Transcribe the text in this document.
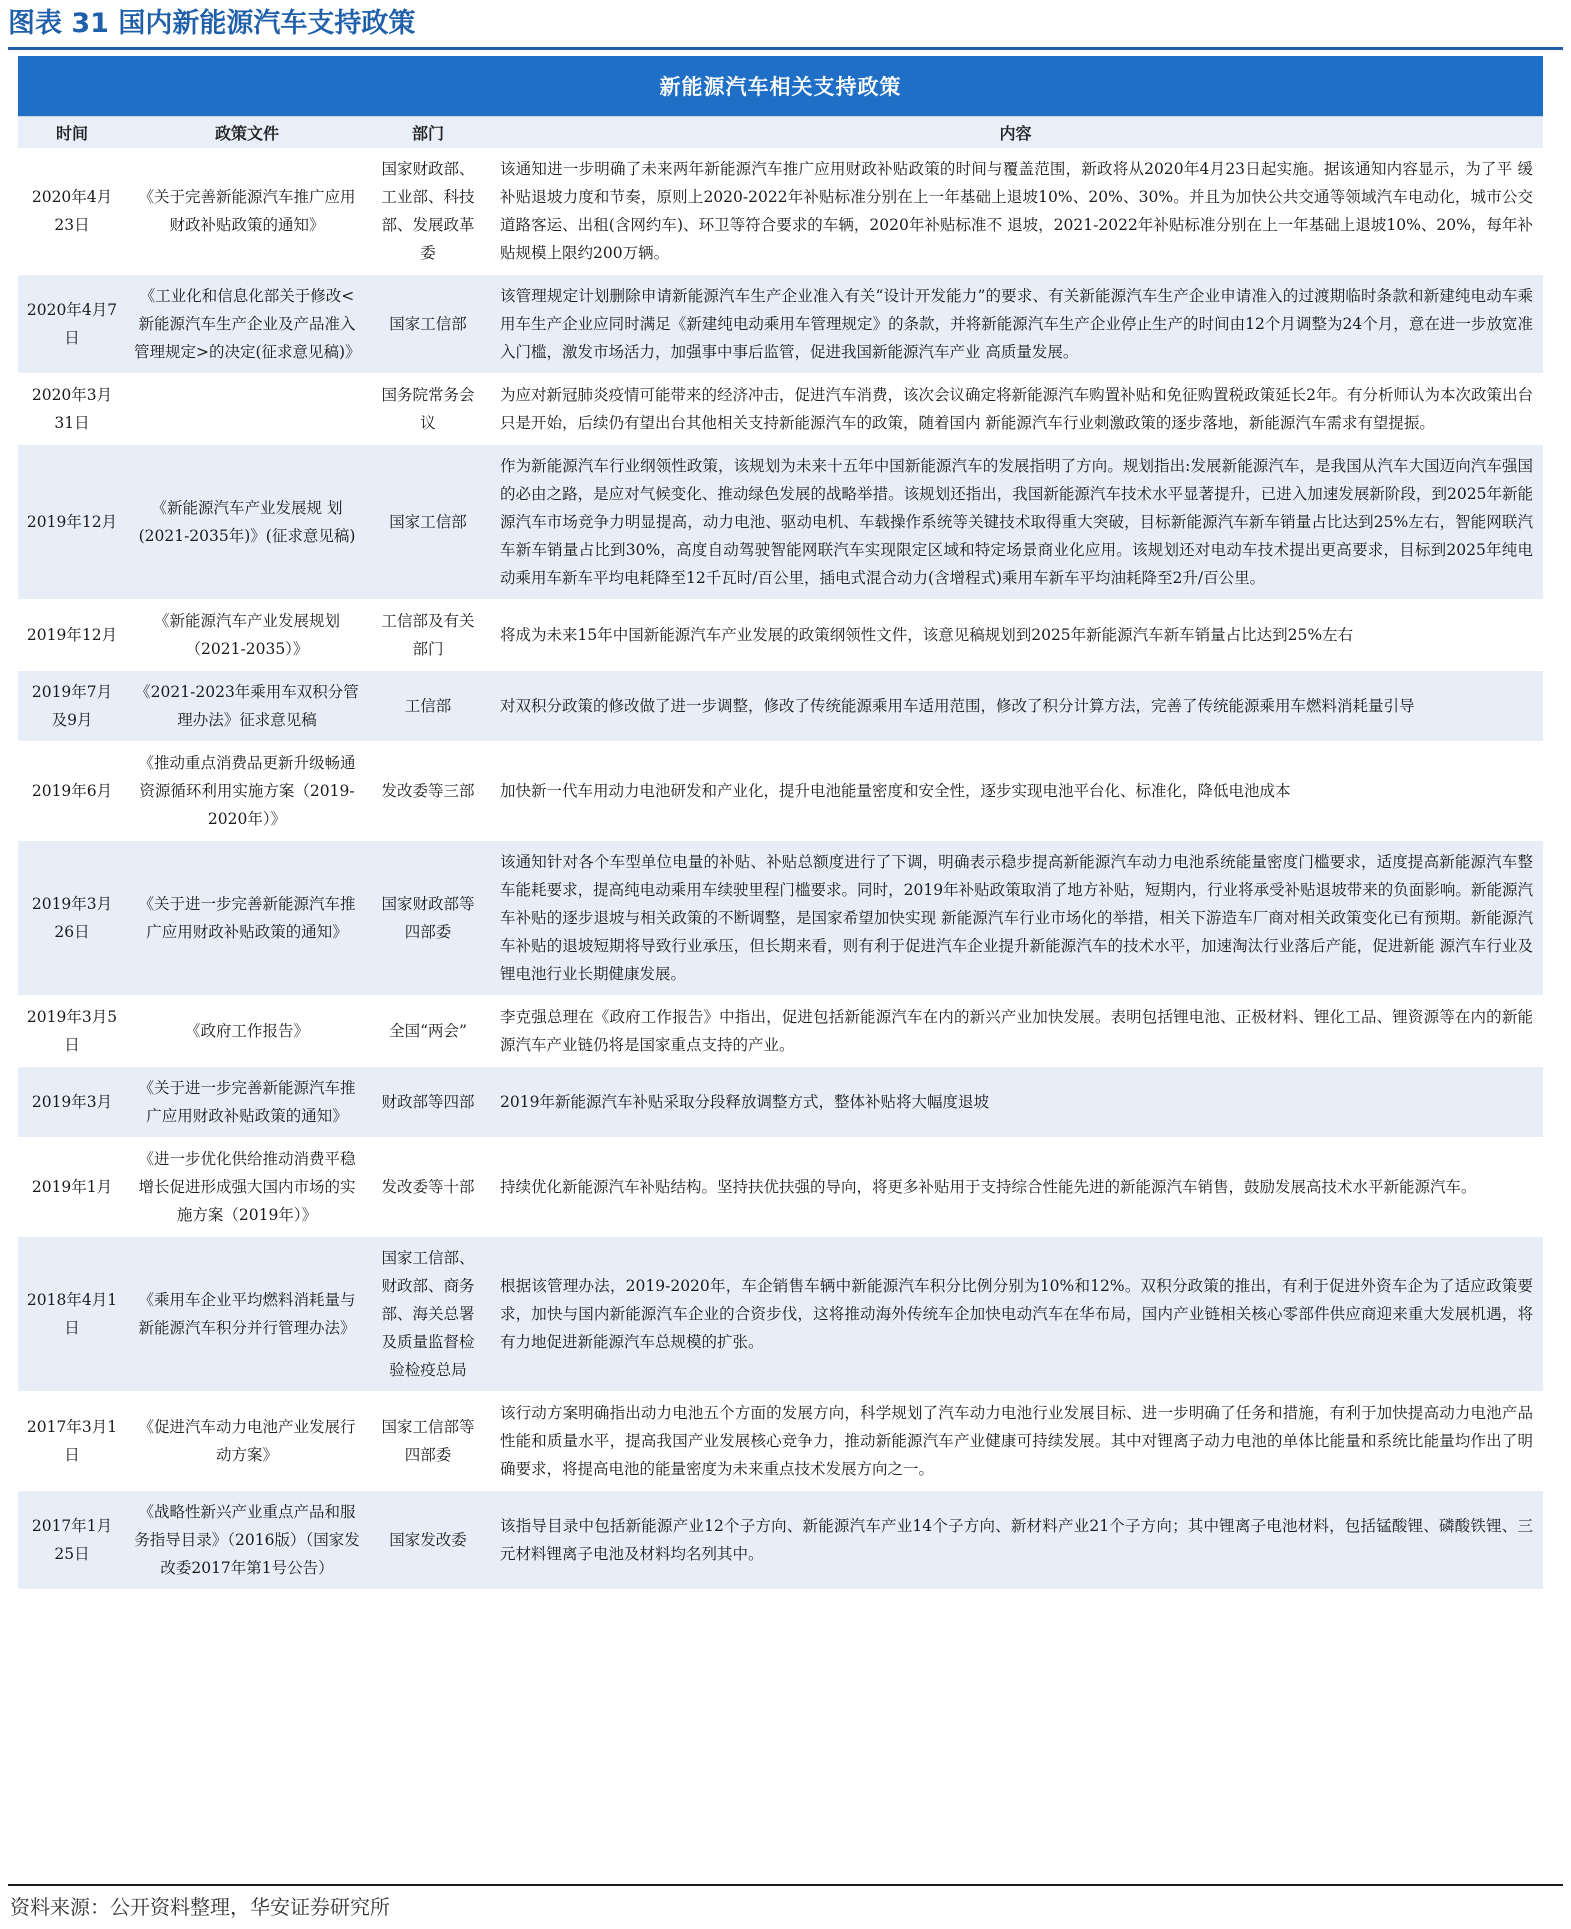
图表 31 国内新能源汽车支持政策
新能源汽车相关支持政策			
时间	政策文件	部门	内容
2020年4月23日	《关于完善新能源汽车推广应用财政补贴政策的通知》	国家财政部、工业部、科技部、发展政革委	该通知进一步明确了未来两年新能源汽车推广应用财政补贴政策的时间与覆盖范围，新政将从2020年4月23日起实施。据该通知内容显示，为了平 缓补贴退坡力度和节奏，原则上2020-2022年补贴标准分别在上一年基础上退坡10%、20%、30%。并且为加快公共交通等领域汽车电动化，城市公交道路客运、出租(含网约车)、环卫等符合要求的车辆，2020年补贴标准不 退坡，2021-2022年补贴标准分别在上一年基础上退坡10%、20%，每年补贴规模上限约200万辆。
2020年4月7日	《工业化和信息化部关于修改<新能源汽车生产企业及产品准入管理规定>的决定(征求意见稿)》	国家工信部	该管理规定计划删除申请新能源汽车生产企业准入有关“设计开发能力”的要求、有关新能源汽车生产企业申请准入的过渡期临时条款和新建纯电动车乘用车生产企业应同时满足《新建纯电动乘用车管理规定》的条款，并将新能源汽车生产企业停止生产的时间由12个月调整为24个月，意在进一步放宽准入门槛，激发市场活力，加强事中事后监管，促进我国新能源汽车产业 高质量发展。
2020年3月31日		国务院常务会议	为应对新冠肺炎疫情可能带来的经济冲击，促进汽车消费，该次会议确定将新能源汽车购置补贴和免征购置税政策延长2年。有分析师认为本次政策出台只是开始，后续仍有望出台其他相关支持新能源汽车的政策，随着国内 新能源汽车行业刺激政策的逐步落地，新能源汽车需求有望提振。
2019年12月	《新能源汽车产业发展规 划(2021-2035年)》(征求意见稿)	国家工信部	作为新能源汽车行业纲领性政策，该规划为未来十五年中国新能源汽车的发展指明了方向。规划指出:发展新能源汽车，是我国从汽车大国迈向汽车强国的必由之路，是应对气候变化、推动绿色发展的战略举措。该规划还指出，我国新能源汽车技术水平显著提升，已进入加速发展新阶段，到2025年新能源汽车市场竞争力明显提高，动力电池、驱动电机、车载操作系统等关键技术取得重大突破，目标新能源汽车新车销量占比达到25%左右，智能网联汽车新车销量占比到30%，高度自动驾驶智能网联汽车实现限定区域和特定场景商业化应用。该规划还对电动车技术提出更高要求，目标到2025年纯电动乘用车新车平均电耗降至12千瓦时/百公里，插电式混合动力(含增程式)乘用车新车平均油耗降至2升/百公里。
2019年12月	《新能源汽车产业发展规划（2021-2035）》	工信部及有关部门	将成为未来15年中国新能源汽车产业发展的政策纲领性文件，该意见稿规划到2025年新能源汽车新车销量占比达到25%左右
2019年7月及9月	《2021-2023年乘用车双积分管理办法》征求意见稿	工信部	对双积分政策的修改做了进一步调整，修改了传统能源乘用车适用范围，修改了积分计算方法，完善了传统能源乘用车燃料消耗量引导
2019年6月	《推动重点消费品更新升级畅通资源循环利用实施方案（2019-2020年）》	发改委等三部	加快新一代车用动力电池研发和产业化，提升电池能量密度和安全性，逐步实现电池平台化、标准化，降低电池成本
2019年3月26日	《关于进一步完善新能源汽车推广应用财政补贴政策的通知》	国家财政部等四部委	该通知针对各个车型单位电量的补贴、补贴总额度进行了下调，明确表示稳步提高新能源汽车动力电池系统能量密度门槛要求，适度提高新能源汽车整车能耗要求，提高纯电动乘用车续驶里程门槛要求。同时，2019年补贴政策取消了地方补贴，短期内，行业将承受补贴退坡带来的负面影响。新能源汽车补贴的逐步退坡与相关政策的不断调整，是国家希望加快实现 新能源汽车行业市场化的举措，相关下游造车厂商对相关政策变化已有预期。新能源汽车补贴的退坡短期将导致行业承压，但长期来看，则有利于促进汽车企业提升新能源汽车的技术水平，加速淘汰行业落后产能，促进新能 源汽车行业及锂电池行业长期健康发展。
2019年3月5日	《政府工作报告》	全国“两会”	李克强总理在《政府工作报告》中指出，促进包括新能源汽车在内的新兴产业加快发展。表明包括锂电池、正极材料、锂化工品、锂资源等在内的新能源汽车产业链仍将是国家重点支持的产业。
2019年3月	《关于进一步完善新能源汽车推广应用财政补贴政策的通知》	财政部等四部	2019年新能源汽车补贴采取分段释放调整方式，整体补贴将大幅度退坡
2019年1月	《进一步优化供给推动消费平稳增长促进形成强大国内市场的实施方案（2019年）》	发改委等十部	持续优化新能源汽车补贴结构。坚持扶优扶强的导向，将更多补贴用于支持综合性能先进的新能源汽车销售，鼓励发展高技术水平新能源汽车。
2018年4月1日	《乘用车企业平均燃料消耗量与新能源汽车积分并行管理办法》	国家工信部、财政部、商务部、海关总署及质量监督检验检疫总局	根据该管理办法，2019-2020年，车企销售车辆中新能源汽车积分比例分别为10%和12%。双积分政策的推出，有利于促进外资车企为了适应政策要求，加快与国内新能源汽车企业的合资步伐，这将推动海外传统车企加快电动汽车在华布局，国内产业链相关核心零部件供应商迎来重大发展机遇，将 有力地促进新能源汽车总规模的扩张。
2017年3月1日	《促进汽车动力电池产业发展行动方案》	国家工信部等四部委	该行动方案明确指出动力电池五个方面的发展方向，科学规划了汽车动力电池行业发展目标、进一步明确了任务和措施，有利于加快提高动力电池产品性能和质量水平，提高我国产业发展核心竞争力，推动新能源汽车产业健康可持续发展。其中对锂离子动力电池的单体比能量和系统比能量均作出了明确要求，将提高电池的能量密度为未来重点技术发展方向之一。
2017年1月25日	《战略性新兴产业重点产品和服务指导目录》（2016版）（国家发改委2017年第1号公告）	国家发改委	该指导目录中包括新能源产业12个子方向、新能源汽车产业14个子方向、新材料产业21个子方向；其中锂离子电池材料，包括锰酸锂、磷酸铁锂、三元材料锂离子电池及材料均名列其中。
资料来源：公开资料整理，华安证券研究所
